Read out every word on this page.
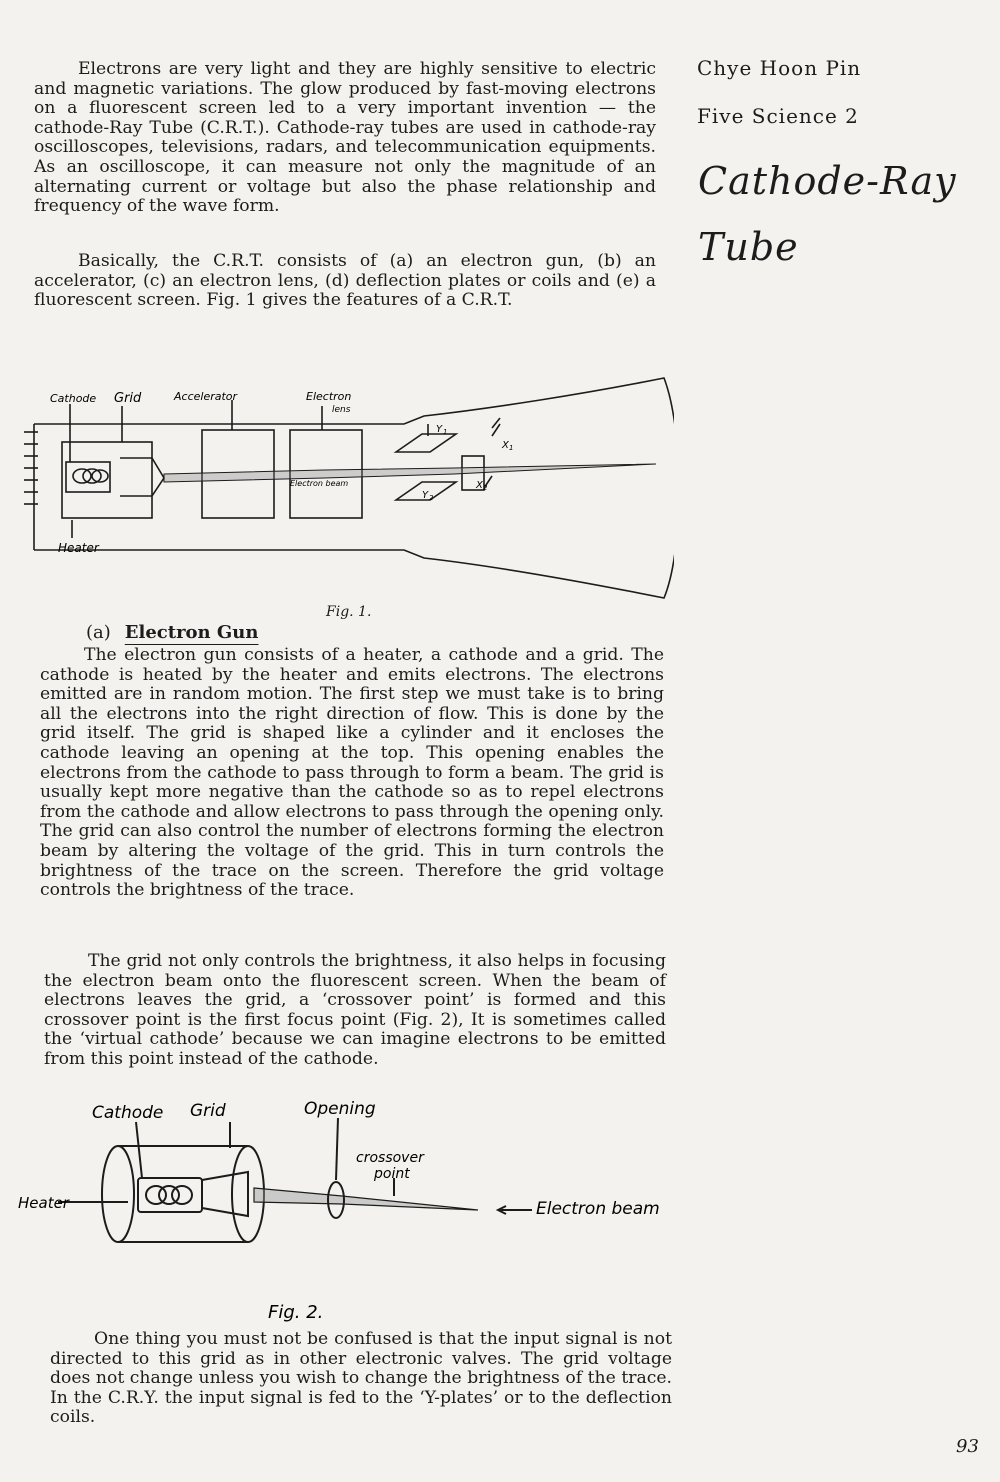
Electrons are very light and they are highly sensitive to electric and magnetic variations. The glow produced by fast-moving electrons on a fluorescent screen led to a very important invention — the cathode-Ray Tube (C.R.T.). Cathode-ray tubes are used in cathode-ray oscilloscopes, televisions, radars, and telecommunication equipments. As an oscilloscope, it can measure not only the magnitude of an alternating current or voltage but also the phase relationship and frequency of the wave form.

Basically, the C.R.T. consists of (a) an electron gun, (b) an accelerator, (c) an electron lens, (d) deflection plates or coils and (e) a fluorescent screen. Fig. 1 gives the features of a C.R.T.

Chye Hoon Pin
Five Science 2
Cathode-Ray
Tube
Cathode Grid	Accelerator	Electron
lens
Electron beam
Heater
Y 1
Y 2
X 1
X 2
Fig. 1.
(a) Electron Gun

The electron gun consists of a heater, a cathode and a grid. The cathode is heated by the heater and emits electrons. The electrons emitted are in random motion. The first step we must take is to bring all the electrons into the right direction of flow. This is done by the grid itself. The grid is shaped like a cylinder and it encloses the cathode leaving an opening at the top. This opening enables the electrons from the cathode to pass through to form a beam. The grid is usually kept more negative than the cathode so as to repel electrons from the cathode and allow electrons to pass through the opening only. The grid can also control the number of electrons forming the electron beam by altering the voltage of the grid. This in turn controls the brightness of the trace on the screen. Therefore the grid voltage controls the brightness of the trace.

The grid not only controls the brightness, it also helps in focusing the electron beam onto the fluorescent screen. When the beam of electrons leaves the grid, a ‘crossover point’ is formed and this crossover point is the first focus point (Fig. 2), It is sometimes called the ‘virtual cathode’ because we can imagine electrons to be emitted from this point instead of the cathode.

Cathode Grid	Opening
crossover
point
Heater	Electron beam
Fig. 2.

One thing you must not be confused is that the input signal is not directed to this grid as in other electronic valves. The grid voltage does not change unless you wish to change the brightness of the trace. In the C.R.Y. the input signal is fed to the ‘Y-plates’ or to the deflection coils.

93
